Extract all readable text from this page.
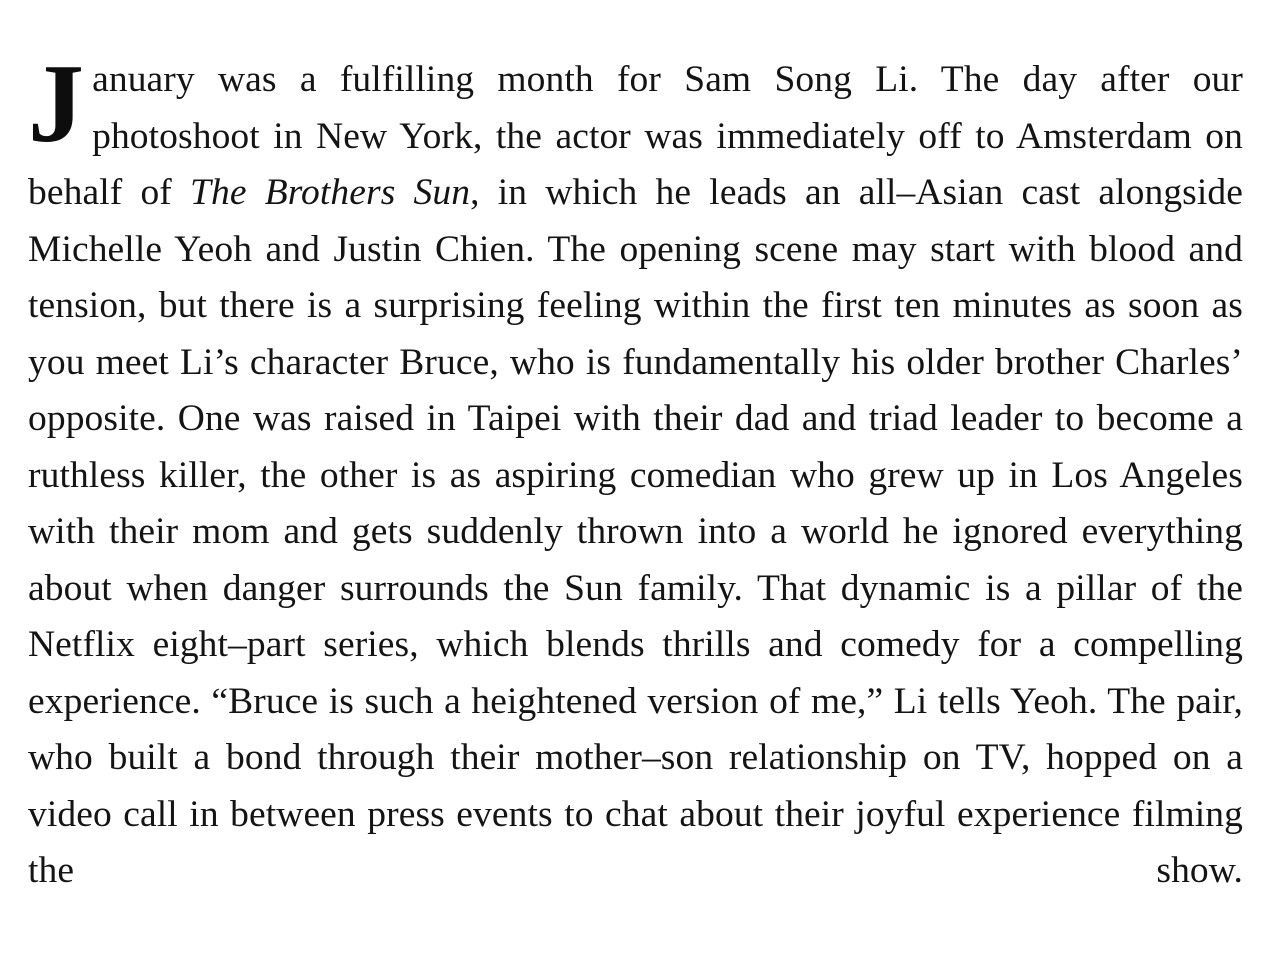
January was a fulfilling month for Sam Song Li. The day after our photoshoot in New York, the actor was immediately off to Amsterdam on behalf of The Brothers Sun, in which he leads an all–Asian cast alongside Michelle Yeoh and Justin Chien. The opening scene may start with blood and tension, but there is a surprising feeling within the first ten minutes as soon as you meet Li’s character Bruce, who is fundamentally his older brother Charles’ opposite. One was raised in Taipei with their dad and triad leader to become a ruthless killer, the other is as aspiring comedian who grew up in Los Angeles with their mom and gets suddenly thrown into a world he ignored everything about when danger surrounds the Sun family. That dynamic is a pillar of the Netflix eight–part series, which blends thrills and comedy for a compelling experience. “Bruce is such a heightened version of me,” Li tells Yeoh. The pair, who built a bond through their mother–son relationship on TV, hopped on a video call in between press events to chat about their joyful experience filming the show.
